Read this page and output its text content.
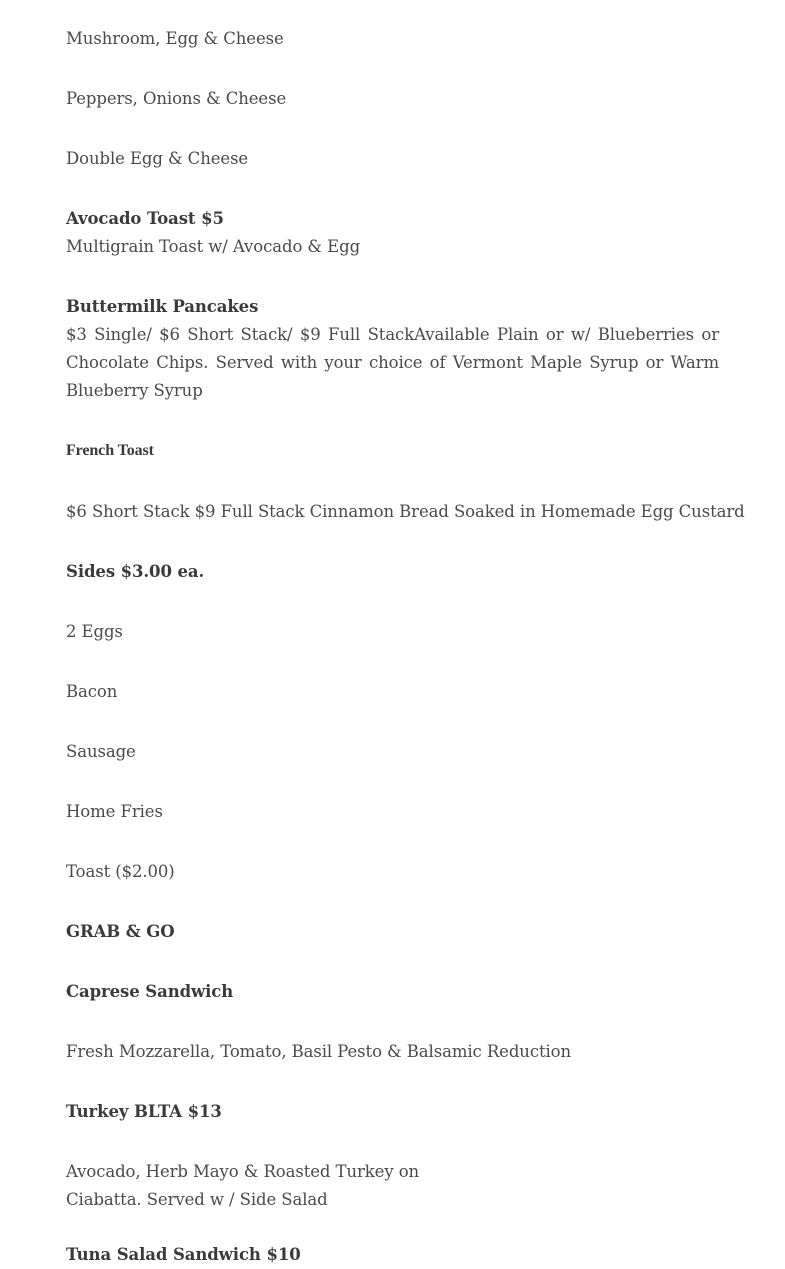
Mushroom, Egg & Cheese
Peppers, Onions & Cheese
Double Egg & Cheese
Avocado Toast $5
Multigrain Toast w/ Avocado & Egg
Buttermilk Pancakes
$3 Single/ $6 Short Stack/ $9 Full StackAvailable Plain or w/ Blueberries or Chocolate Chips. Served with your choice of Vermont Maple Syrup or Warm Blueberry Syrup
French Toast
$6 Short Stack $9 Full Stack Cinnamon Bread Soaked in Homemade Egg Custard
Sides $3.00 ea.
2 Eggs
Bacon
Sausage
Home Fries
Toast ($2.00)
GRAB & GO
Caprese Sandwich
Fresh Mozzarella, Tomato, Basil Pesto & Balsamic Reduction
Turkey BLTA $13
Avocado, Herb Mayo & Roasted Turkey on
Ciabatta. Served w / Side Salad
Tuna Salad Sandwich $10
